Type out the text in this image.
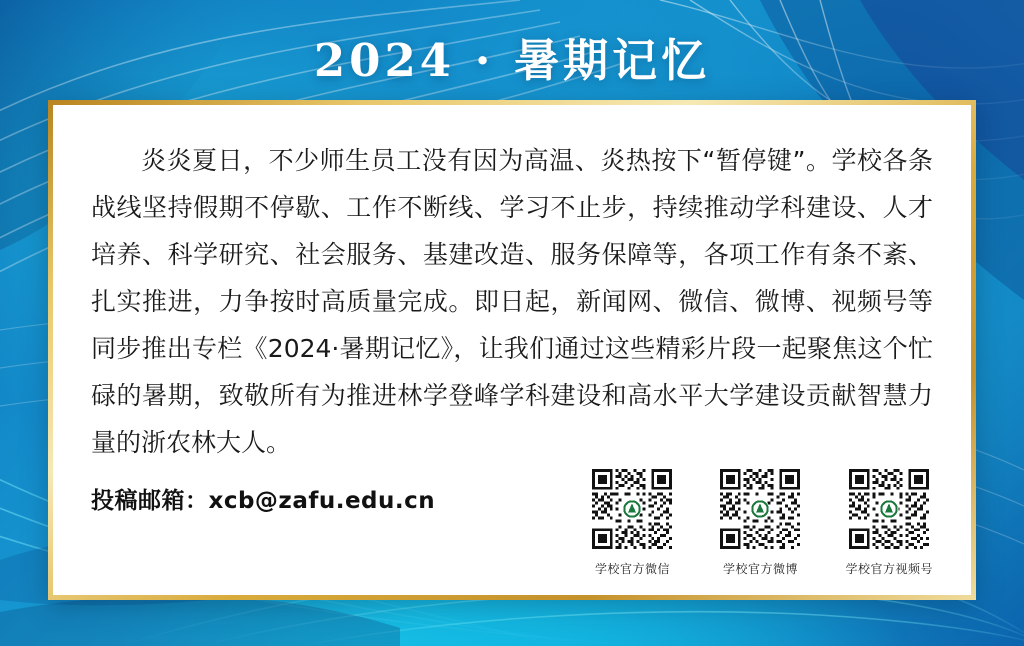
2024 · 暑期记忆
炎炎夏日，不少师生员工没有因为高温、炎热按下“暂停键”。学校各条战线坚持假期不停歇、工作不断线、学习不止步，持续推动学科建设、人才培养、科学研究、社会服务、基建改造、服务保障等，各项工作有条不紊、扎实推进，力争按时高质量完成。即日起，新闻网、微信、微博、视频号等同步推出专栏《2024·暑期记忆》，让我们通过这些精彩片段一起聚焦这个忙碌的暑期，致敬所有为推进林学登峰学科建设和高水平大学建设贡献智慧力量的浙农林大人。
投稿邮箱：xcb@zafu.edu.cn
学校官方微信	学校官方微博	学校官方视频号
